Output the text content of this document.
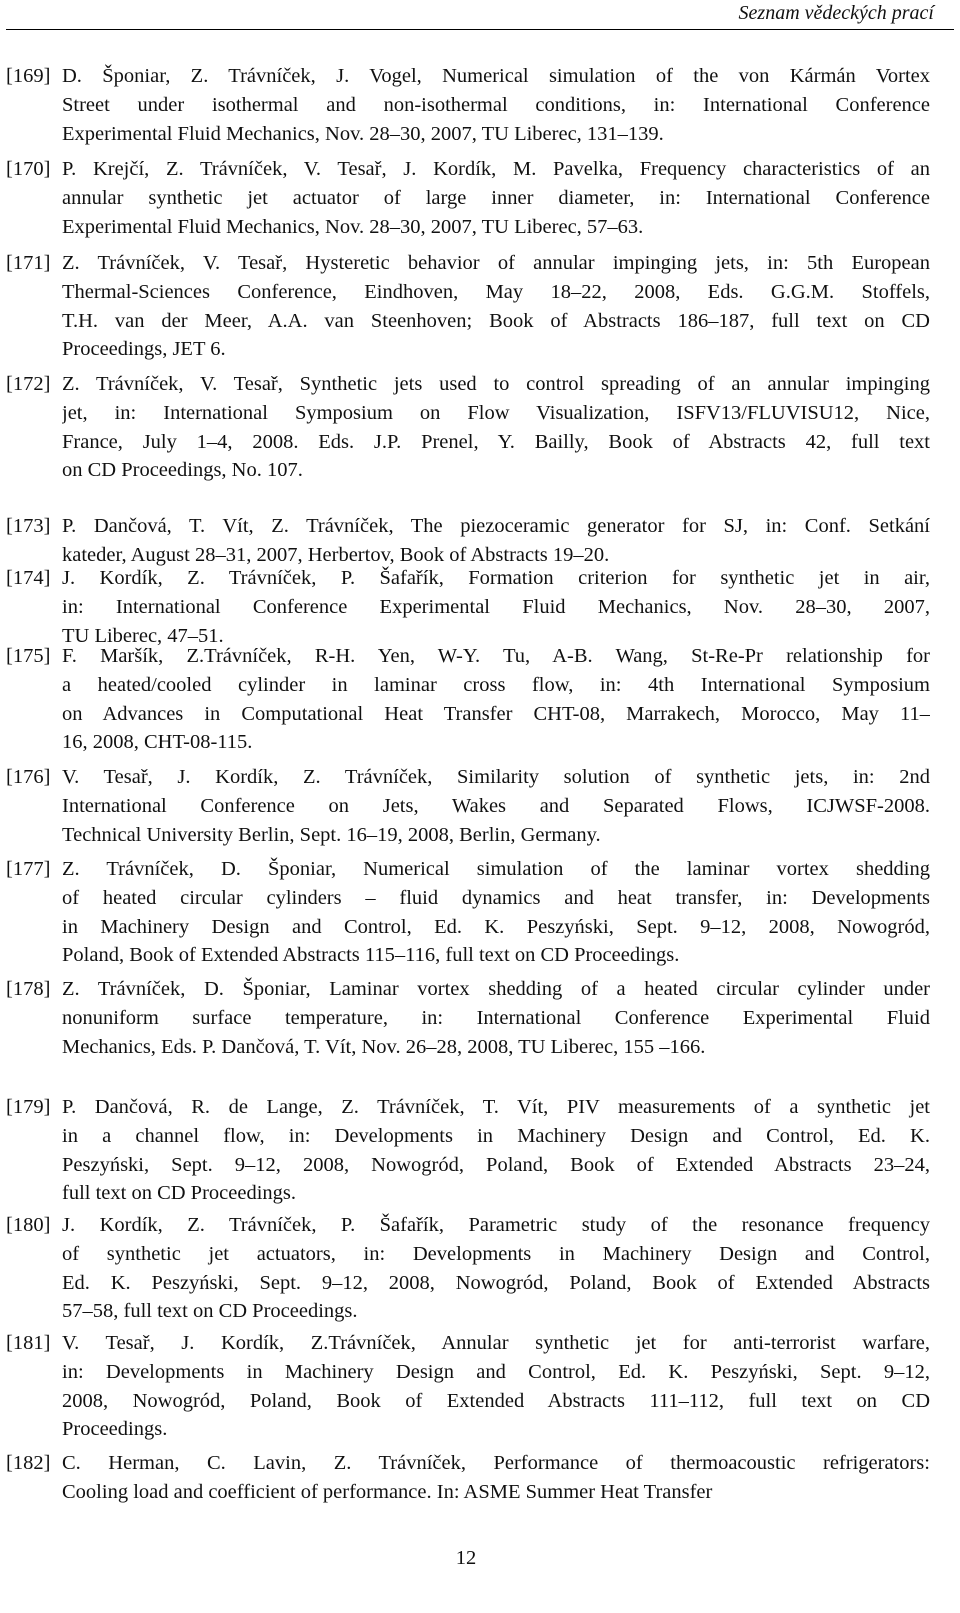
Seznam vědeckých prací
[169] D. Šponiar, Z. Trávníček, J. Vogel, Numerical simulation of the von Kármán Vortex
Street under isothermal and non-isothermal conditions, in: International Conference
Experimental Fluid Mechanics, Nov. 28–30, 2007, TU Liberec, 131–139.
[170] P. Krejčí, Z. Trávníček, V. Tesař, J. Kordík, M. Pavelka, Frequency characteristics of an
annular synthetic jet actuator of large inner diameter, in: International Conference
Experimental Fluid Mechanics, Nov. 28–30, 2007, TU Liberec, 57–63.
[171] Z. Trávníček, V. Tesař, Hysteretic behavior of annular impinging jets, in: 5th European
Thermal-Sciences Conference, Eindhoven, May 18–22, 2008, Eds. G.G.M. Stoffels,
T.H. van der Meer, A.A. van Steenhoven; Book of Abstracts 186–187, full text on CD
Proceedings, JET 6.
[172] Z. Trávníček, V. Tesař, Synthetic jets used to control spreading of an annular impinging
jet, in: International Symposium on Flow Visualization, ISFV13/FLUVISU12, Nice,
France, July 1–4, 2008. Eds. J.P. Prenel, Y. Bailly, Book of Abstracts 42, full text
on CD Proceedings, No. 107.
[173] P. Dančová, T. Vít, Z. Trávníček, The piezoceramic generator for SJ, in: Conf. Setkání
kateder, August 28–31, 2007, Herbertov, Book of Abstracts 19–20.
[174] J. Kordík, Z. Trávníček, P. Šafařík, Formation criterion for synthetic jet in air,
in: International Conference Experimental Fluid Mechanics, Nov. 28–30, 2007,
TU Liberec, 47–51.
[175] F. Maršík, Z.Trávníček, R-H. Yen, W-Y. Tu, A-B. Wang, St-Re-Pr relationship for
a heated/cooled cylinder in laminar cross flow, in: 4th International Symposium
on Advances in Computational Heat Transfer CHT-08, Marrakech, Morocco, May 11–
16, 2008, CHT-08-115.
[176] V. Tesař, J. Kordík, Z. Trávníček, Similarity solution of synthetic jets, in: 2nd
International Conference on Jets, Wakes and Separated Flows, ICJWSF-2008.
Technical University Berlin, Sept. 16–19, 2008, Berlin, Germany.
[177] Z. Trávníček, D. Šponiar, Numerical simulation of the laminar vortex shedding
of heated circular cylinders – fluid dynamics and heat transfer, in: Developments
in Machinery Design and Control, Ed. K. Peszyński, Sept. 9–12, 2008, Nowogród,
Poland, Book of Extended Abstracts 115–116, full text on CD Proceedings.
[178] Z. Trávníček, D. Šponiar, Laminar vortex shedding of a heated circular cylinder under
nonuniform surface temperature, in: International Conference Experimental Fluid
Mechanics, Eds. P. Dančová, T. Vít, Nov. 26–28, 2008, TU Liberec, 155 –166.
[179] P. Dančová, R. de Lange, Z. Trávníček, T. Vít, PIV measurements of a synthetic jet
in a channel flow, in: Developments in Machinery Design and Control, Ed. K.
Peszyński, Sept. 9–12, 2008, Nowogród, Poland, Book of Extended Abstracts 23–24,
full text on CD Proceedings.
[180] J. Kordík, Z. Trávníček, P. Šafařík, Parametric study of the resonance frequency
of synthetic jet actuators, in: Developments in Machinery Design and Control,
Ed. K. Peszyński, Sept. 9–12, 2008, Nowogród, Poland, Book of Extended Abstracts
57–58, full text on CD Proceedings.
[181] V. Tesař, J. Kordík, Z.Trávníček, Annular synthetic jet for anti-terrorist warfare,
in: Developments in Machinery Design and Control, Ed. K. Peszyński, Sept. 9–12,
2008, Nowogród, Poland, Book of Extended Abstracts 111–112, full text on CD
Proceedings.
[182] C. Herman, C. Lavin, Z. Trávníček, Performance of thermoacoustic refrigerators:
Cooling load and coefficient of performance. In: ASME Summer Heat Transfer
12
